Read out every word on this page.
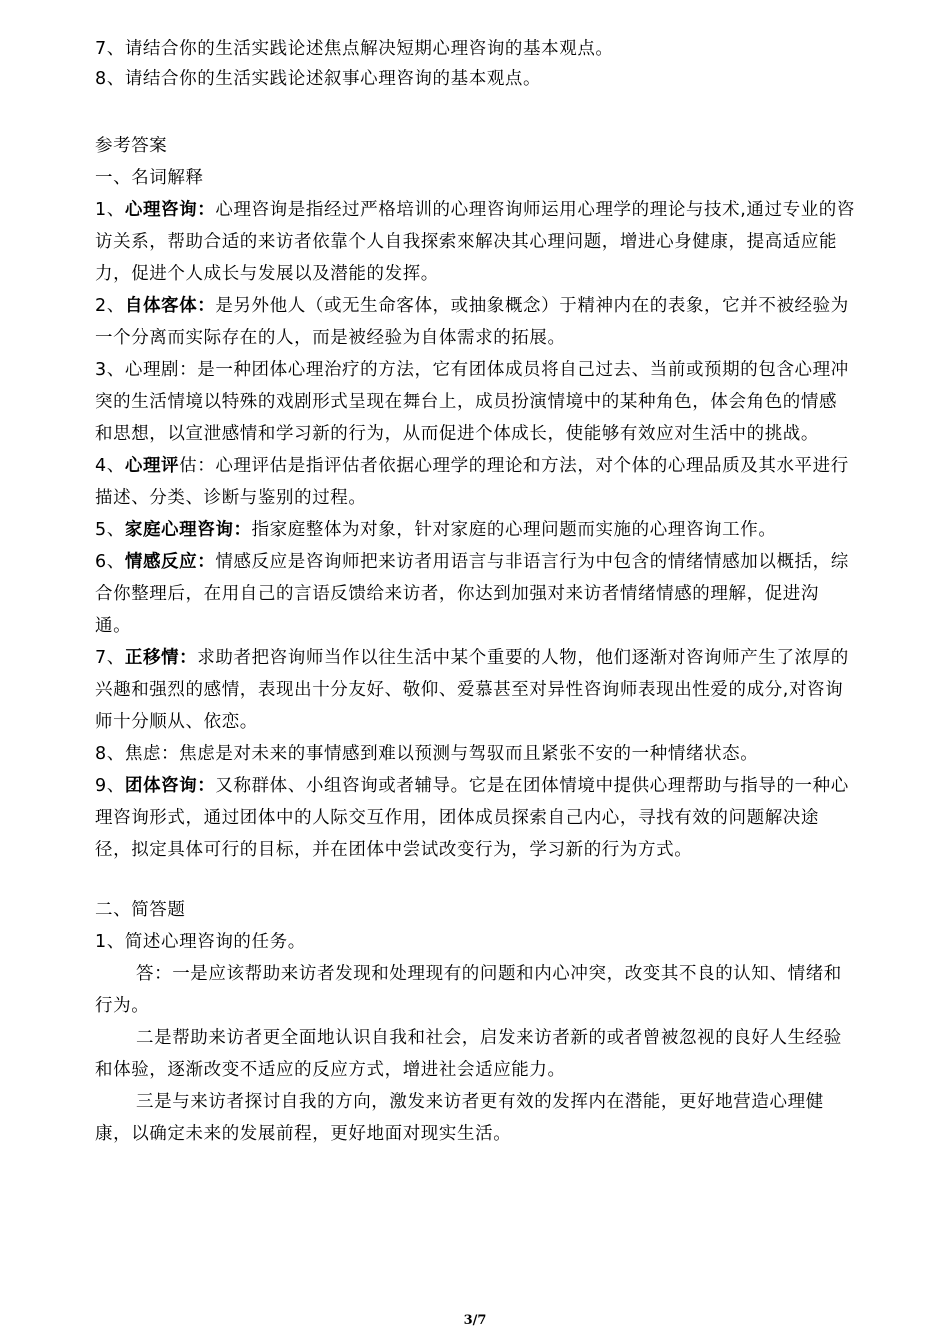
7、请结合你的生活实践论述焦点解决短期心理咨询的基本观点。

8、请结合你的生活实践论述叙事心理咨询的基本观点。

参考答案

一、名词解释

1、心理咨询：心理咨询是指经过严格培训的心理咨询师运用心理学的理论与技术,通过专业的咨访关系，帮助合适的来访者依靠个人自我探索來解决其心理问题，增进心身健康，提高适应能力，促进个人成长与发展以及潜能的发挥。

2、自体客体：是另外他人（或无生命客体，或抽象概念）于精神内在的表象，它并不被经验为一个分离而实际存在的人，而是被经验为自体需求的拓展。

3、心理剧：是一种团体心理治疗的方法，它有团体成员将自己过去、当前或预期的包含心理冲突的生活情境以特殊的戏剧形式呈现在舞台上，成员扮演情境中的某种角色，体会角色的情感和思想，以宣泄感情和学习新的行为，从而促进个体成长，使能够有效应对生活中的挑战。

4、心理评估：心理评估是指评估者依据心理学的理论和方法，对个体的心理品质及其水平进行描述、分类、诊断与鉴别的过程。

5、家庭心理咨询：指家庭整体为对象，针对家庭的心理问题而实施的心理咨询工作。

6、情感反应：情感反应是咨询师把来访者用语言与非语言行为中包含的情绪情感加以概括，综合你整理后，在用自己的言语反馈给来访者，你达到加强对来访者情绪情感的理解，促进沟通。

7、正移情：求助者把咨询师当作以往生活中某个重要的人物，他们逐渐对咨询师产生了浓厚的兴趣和强烈的感情，表现出十分友好、敬仰、爱慕甚至对异性咨询师表现出性爱的成分,对咨询师十分顺从、依恋。

8、焦虑：焦虑是对未来的事情感到难以预测与驾驭而且紧张不安的一种情绪状态。

9、团体咨询：又称群体、小组咨询或者辅导。它是在团体情境中提供心理帮助与指导的一种心理咨询形式，通过团体中的人际交互作用，团体成员探索自己内心，寻找有效的问题解决途径，拟定具体可行的目标，并在团体中尝试改变行为，学习新的行为方式。

二、简答题

1、简述心理咨询的任务。

答：一是应该帮助来访者发现和处理现有的问题和内心冲突，改变其不良的认知、情绪和行为。

二是帮助来访者更全面地认识自我和社会，启发来访者新的或者曾被忽视的良好人生经验和体验，逐渐改变不适应的反应方式，增进社会适应能力。

三是与来访者探讨自我的方向，激发来访者更有效的发挥内在潜能，更好地营造心理健康，以确定未来的发展前程，更好地面对现实生活。

3/7
